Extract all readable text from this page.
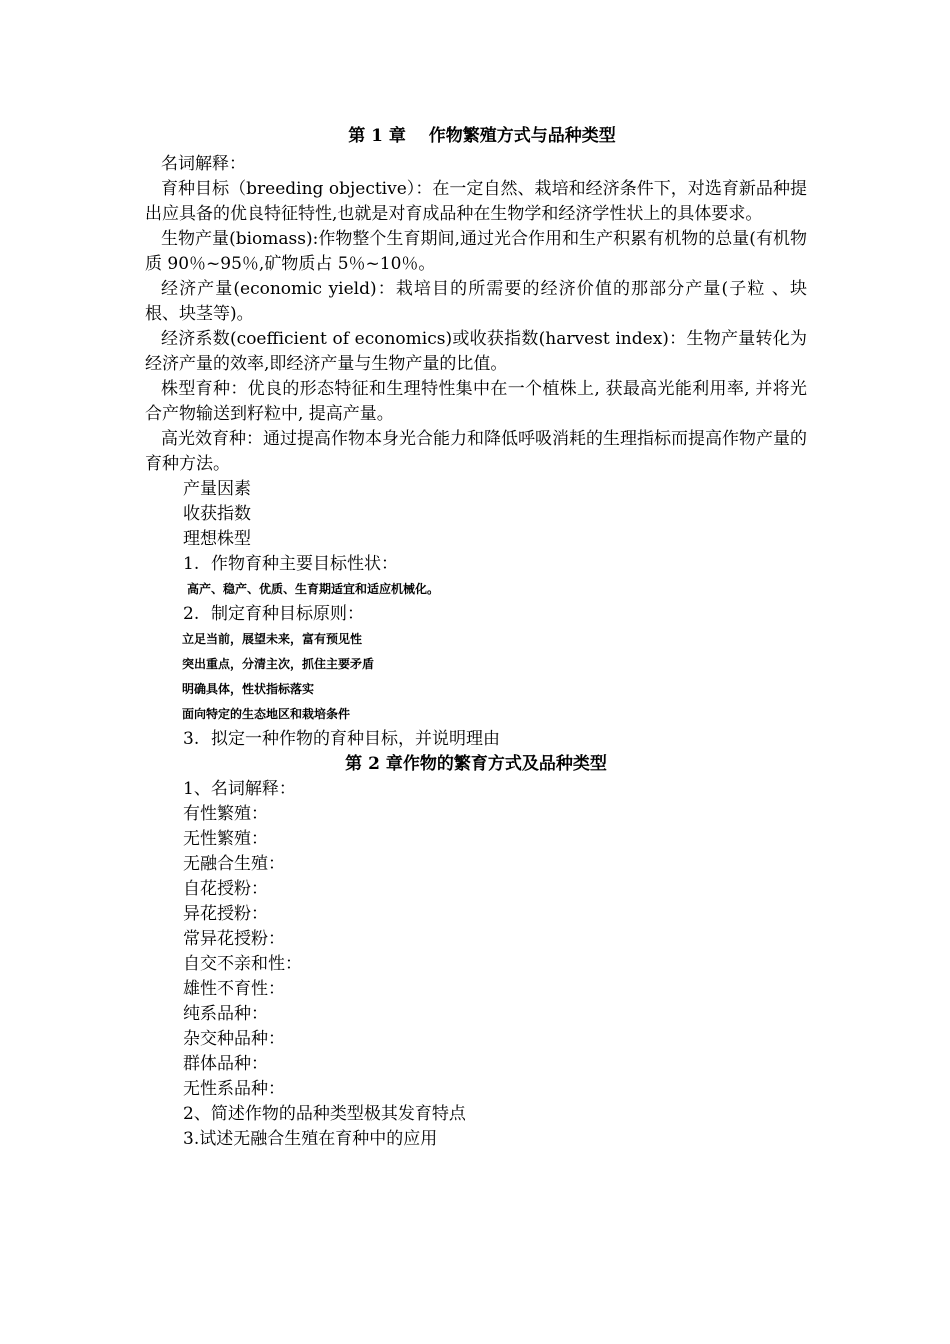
第 1 章　 作物繁殖方式与品种类型

名词解释：

育种目标（breeding objective）：在一定自然、栽培和经济条件下，对选育新品种提出应具备的优良特征特性,也就是对育成品种在生物学和经济学性状上的具体要求。

生物产量(biomass):作物整个生育期间,通过光合作用和生产积累有机物的总量(有机物质 90％~95％,矿物质占 5％~10％。

经济产量(economic yield)：栽培目的所需要的经济价值的那部分产量(子粒 、块根、块茎等)。

经济系数(coefficient of economics)或收获指数(harvest index)：生物产量转化为经济产量的效率,即经济产量与生物产量的比值。

株型育种：优良的形态特征和生理特性集中在一个植株上, 获最高光能利用率, 并将光合产物输送到籽粒中, 提高产量。

高光效育种：通过提高作物本身光合能力和降低呼吸消耗的生理指标而提高作物产量的育种方法。

产量因素

收获指数

理想株型

1. 作物育种主要目标性状：

高产、稳产、优质、生育期适宜和适应机械化。

2. 制定育种目标原则：

立足当前，展望未来，富有预见性

突出重点，分清主次，抓住主要矛盾

明确具体，性状指标落实

面向特定的生态地区和栽培条件

3. 拟定一种作物的育种目标，并说明理由

第 2 章作物的繁育方式及品种类型

1、名词解释：

有性繁殖：

无性繁殖：

无融合生殖：

自花授粉：

异花授粉：

常异花授粉：

自交不亲和性：

雄性不育性：

纯系品种：

杂交种品种：

群体品种：

无性系品种：

2、简述作物的品种类型极其发育特点

3.试述无融合生殖在育种中的应用
